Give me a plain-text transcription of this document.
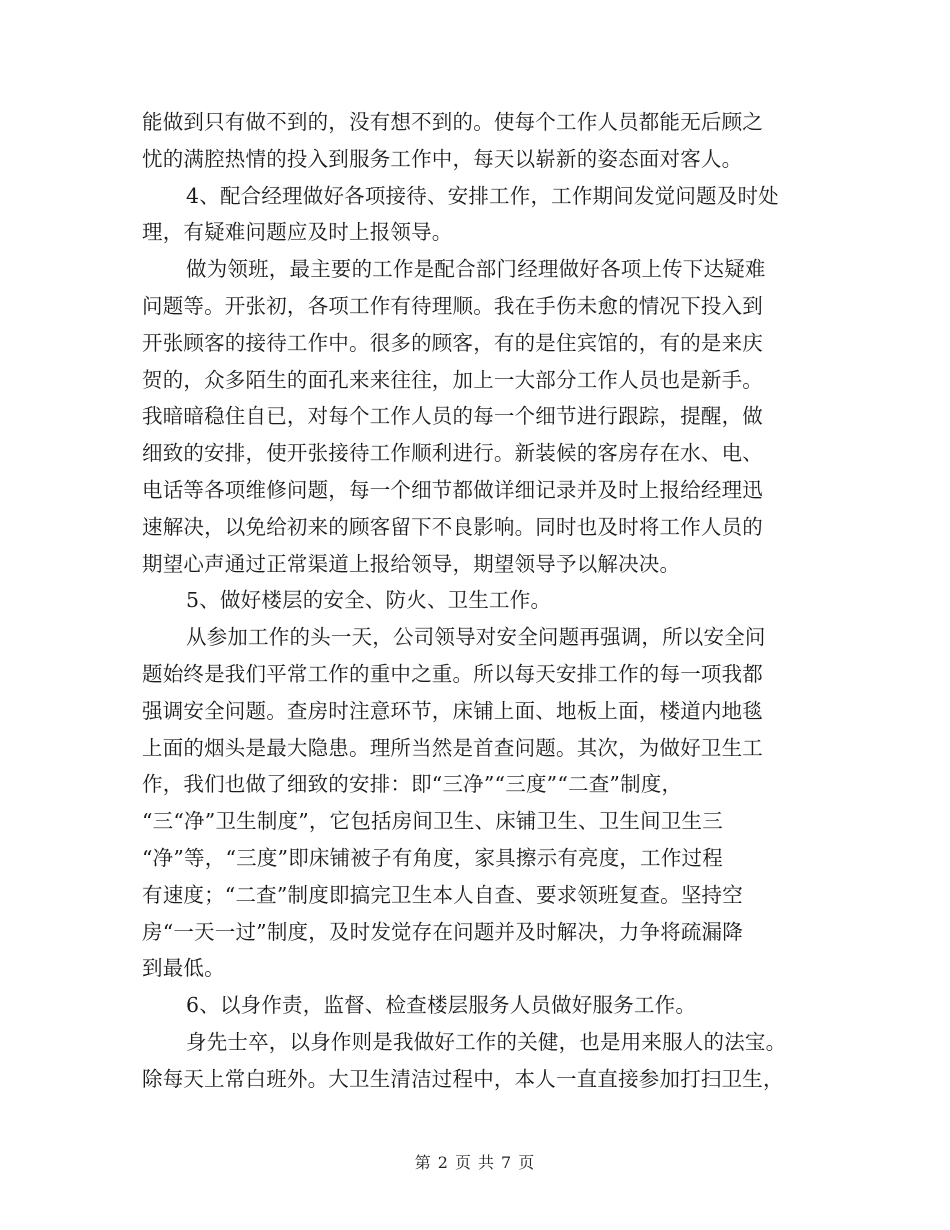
能做到只有做不到的，没有想不到的。使每个工作人员都能无后顾之
忧的满腔热情的投入到服务工作中，每天以崭新的姿态面对客人。
4、配合经理做好各项接待、安排工作，工作期间发觉问题及时处
理，有疑难问题应及时上报领导。
做为领班，最主要的工作是配合部门经理做好各项上传下达疑难
问题等。开张初，各项工作有待理顺。我在手伤未愈的情况下投入到
开张顾客的接待工作中。很多的顾客，有的是住宾馆的，有的是来庆
贺的，众多陌生的面孔来来往往，加上一大部分工作人员也是新手。
我暗暗稳住自已，对每个工作人员的每一个细节进行跟踪，提醒，做
细致的安排，使开张接待工作顺利进行。新装候的客房存在水、电、
电话等各项维修问题，每一个细节都做详细记录并及时上报给经理迅
速解决，以免给初来的顾客留下不良影响。同时也及时将工作人员的
期望心声通过正常渠道上报给领导，期望领导予以解决决。
5、做好楼层的安全、防火、卫生工作。
从参加工作的头一天，公司领导对安全问题再强调，所以安全问
题始终是我们平常工作的重中之重。所以每天安排工作的每一项我都
强调安全问题。查房时注意环节，床铺上面、地板上面，楼道内地毯
上面的烟头是最大隐患。理所当然是首查问题。其次，为做好卫生工
作，我们也做了细致的安排：即“三净”“三度”“二查”制度，
“三“净”卫生制度”，它包括房间卫生、床铺卫生、卫生间卫生三
“净”等，“三度”即床铺被子有角度，家具擦示有亮度，工作过程
有速度；“二查”制度即搞完卫生本人自查、要求领班复查。坚持空
房“一天一过”制度，及时发觉存在问题并及时解决，力争将疏漏降
到最低。
6、以身作责，监督、检查楼层服务人员做好服务工作。
身先士卒，以身作则是我做好工作的关健，也是用来服人的法宝。
除每天上常白班外。大卫生清洁过程中，本人一直直接参加打扫卫生，
第 2 页 共 7 页
